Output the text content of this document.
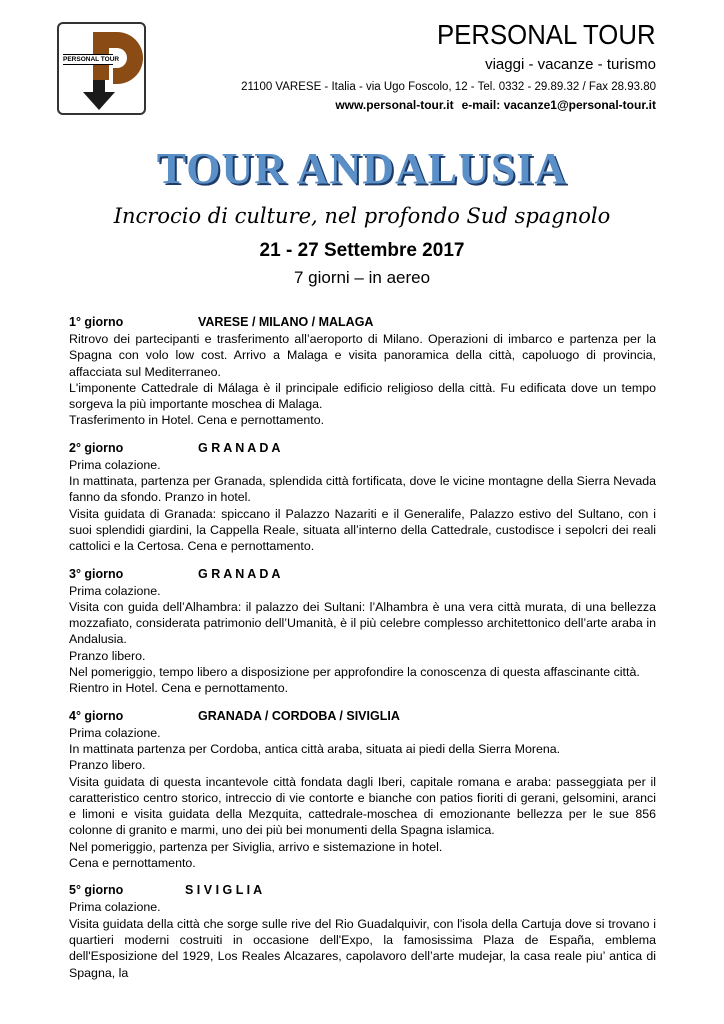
PERSONAL TOUR
PERSONAL TOUR
viaggi - vacanze - turismo
21100 VARESE - Italia - via Ugo Foscolo, 12 - Tel. 0332 - 29.89.32 / Fax 28.93.80
www.personal-tour.it e-mail: vacanze1@personal-tour.it
TOUR ANDALUSIA
Incrocio di culture, nel profondo Sud spagnolo
21 - 27 Settembre 2017
7 giorni – in aereo
1° giorno	VARESE / MILANO / MALAGA

Ritrovo dei partecipanti e trasferimento all’aeroporto di Milano. Operazioni di imbarco e partenza per la Spagna con volo low cost. Arrivo a Malaga e visita panoramica della città, capoluogo di provincia, affacciata sul Mediterraneo.

L'imponente Cattedrale di Málaga è il principale edificio religioso della città. Fu edificata dove un tempo sorgeva la più importante moschea di Malaga.

Trasferimento in Hotel. Cena e pernottamento.

2° giorno	G R A N A D A

Prima colazione.

In mattinata, partenza per Granada, splendida città fortificata, dove le vicine montagne della Sierra Nevada fanno da sfondo. Pranzo in hotel.

Visita guidata di Granada: spiccano il Palazzo Nazariti e il Generalife, Palazzo estivo del Sultano, con i suoi splendidi giardini, la Cappella Reale, situata all’interno della Cattedrale, custodisce i sepolcri dei reali cattolici e la Certosa. Cena e pernottamento.

3° giorno	G R A N A D A

Prima colazione.

Visita con guida dell’Alhambra: il palazzo dei Sultani: l’Alhambra è una vera città murata, di una bellezza mozzafiato, considerata patrimonio dell’Umanità, è il più celebre complesso architettonico dell’arte araba in Andalusia.

Pranzo libero.

Nel pomeriggio, tempo libero a disposizione per approfondire la conoscenza di questa affascinante città.

Rientro in Hotel. Cena e pernottamento.

4° giorno	GRANADA / CORDOBA / SIVIGLIA

Prima colazione.

In mattinata partenza per Cordoba, antica città araba, situata ai piedi della Sierra Morena.

Pranzo libero.

Visita guidata di questa incantevole città fondata dagli Iberi, capitale romana e araba: passeggiata per il caratteristico centro storico, intreccio di vie contorte e bianche con patios fioriti di gerani, gelsomini, aranci e limoni e visita guidata della Mezquita, cattedrale-moschea di emozionante bellezza per le sue 856 colonne di granito e marmi, uno dei più bei monumenti della Spagna islamica.

Nel pomeriggio, partenza per Siviglia, arrivo e sistemazione in hotel.

Cena e pernottamento.

5° giorno	S I V I G L I A

Prima colazione.

Visita guidata della città che sorge sulle rive del Rio Guadalquivir, con l'isola della Cartuja dove si trovano i quartieri moderni costruiti in occasione dell'Expo, la famosissima Plaza de España, emblema dell'Esposizione del 1929, Los Reales Alcazares, capolavoro dell’arte mudejar, la casa reale piu’ antica di Spagna, la
